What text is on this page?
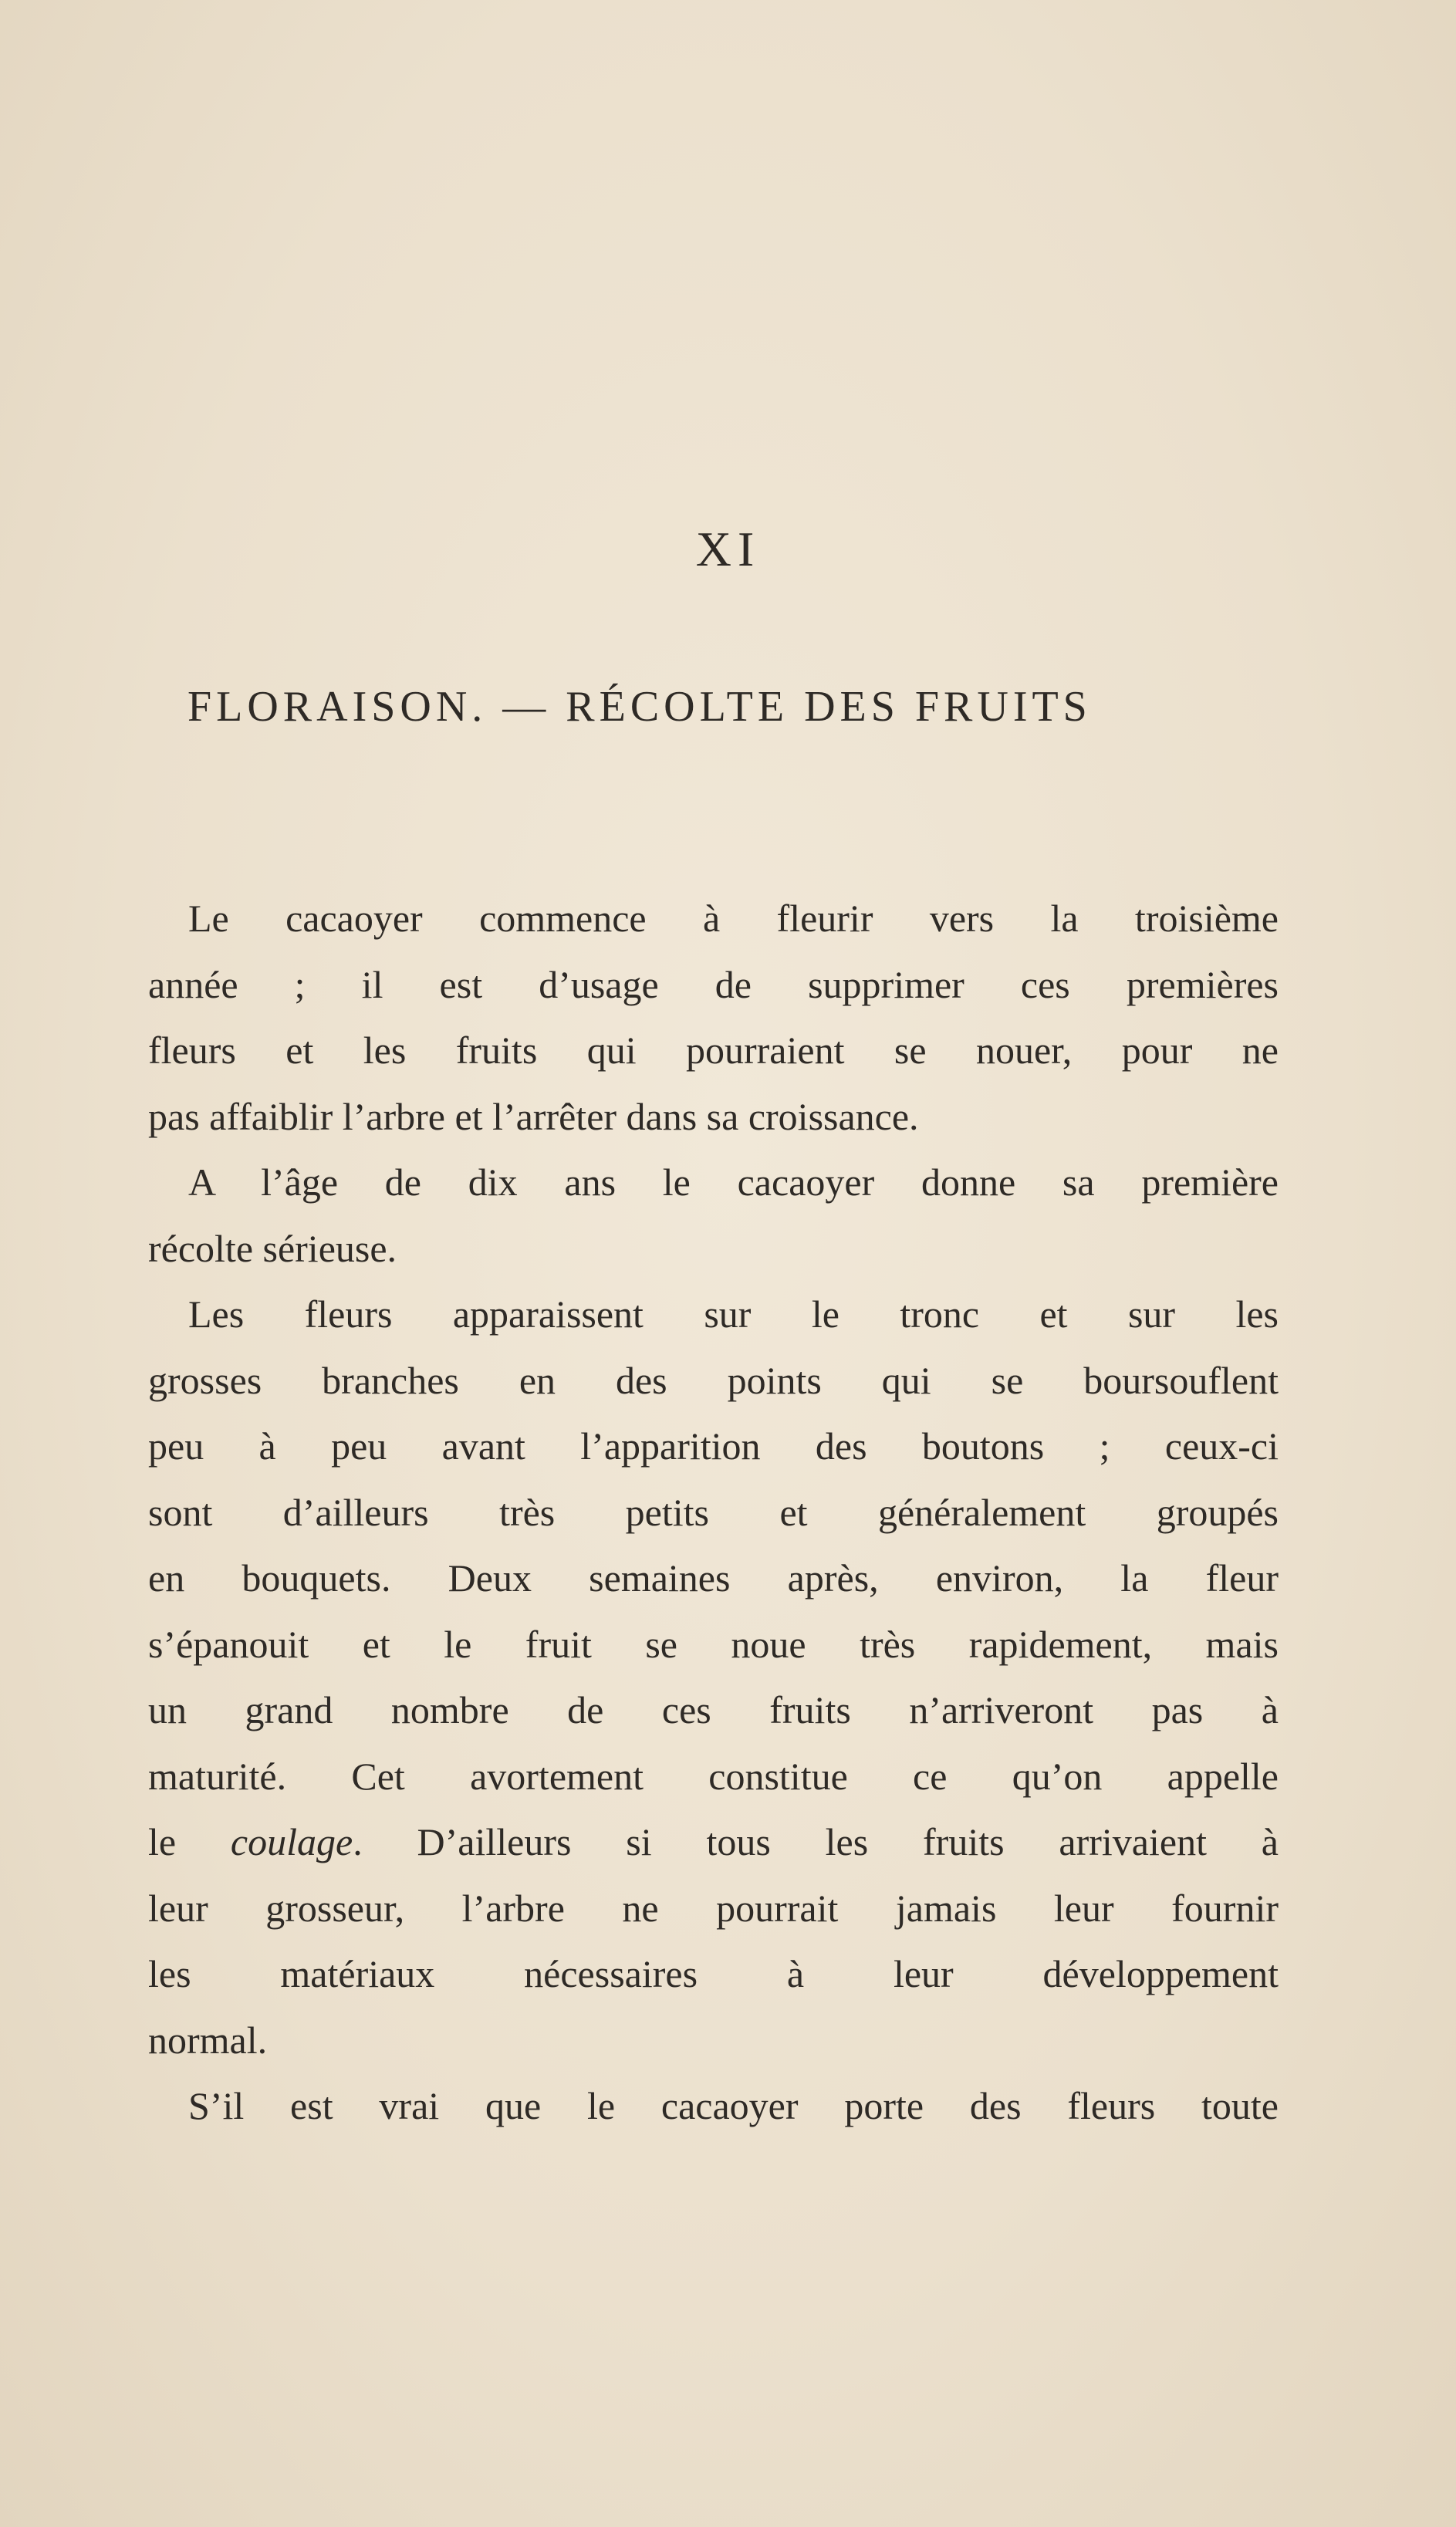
XI
FLORAISON. — RÉCOLTE DES FRUITS
Le cacaoyer commence à fleurir vers la troisième
année ; il est d’usage de supprimer ces premières
fleurs et les fruits qui pourraient se nouer, pour ne
pas affaiblir l’arbre et l’arrêter dans sa croissance.
A l’âge de dix ans le cacaoyer donne sa première
récolte sérieuse.
Les fleurs apparaissent sur le tronc et sur les
grosses branches en des points qui se boursouflent
peu à peu avant l’apparition des boutons ; ceux-ci
sont d’ailleurs très petits et généralement groupés
en bouquets. Deux semaines après, environ, la fleur
s’épanouit et le fruit se noue très rapidement, mais
un grand nombre de ces fruits n’arriveront pas à
maturité. Cet avortement constitue ce qu’on appelle
le coulage. D’ailleurs si tous les fruits arrivaient à
leur grosseur, l’arbre ne pourrait jamais leur fournir
les matériaux nécessaires à leur développement
normal.
S’il est vrai que le cacaoyer porte des fleurs toute
